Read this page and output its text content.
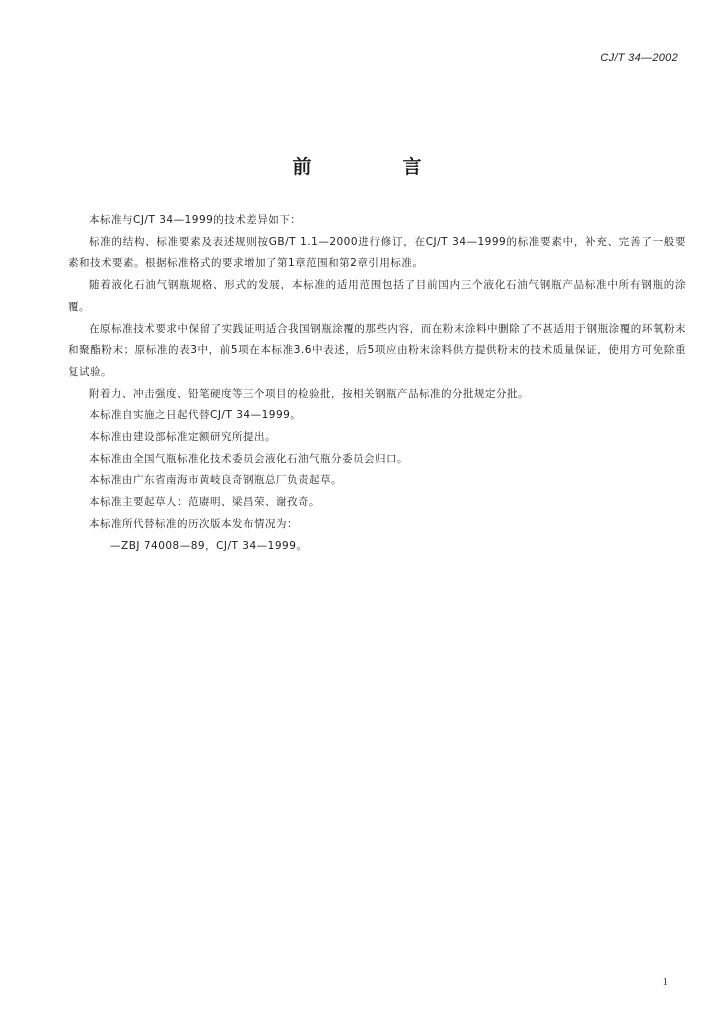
CJ/T 34—2002
前　言

本标准与CJ/T 34—1999的技术差异如下：

标准的结构、标准要素及表述规则按GB/T 1.1—2000进行修订，在CJ/T 34—1999的标准要素中，补充、完善了一般要素和技术要素。根据标准格式的要求增加了第1章范围和第2章引用标准。

随着液化石油气钢瓶规格、形式的发展，本标准的适用范围包括了目前国内三个液化石油气钢瓶产品标准中所有钢瓶的涂覆。

在原标准技术要求中保留了实践证明适合我国钢瓶涂覆的那些内容，而在粉末涂料中删除了不甚适用于钢瓶涂覆的环氧粉末和聚酯粉末；原标准的表3中，前5项在本标准3.6中表述，后5项应由粉末涂料供方提供粉末的技术质量保证，使用方可免除重复试验。

附着力、冲击强度、铅笔硬度等三个项目的检验批，按相关钢瓶产品标准的分批规定分批。

本标准自实施之日起代替CJ/T 34—1999。

本标准由建设部标准定额研究所提出。

本标准由全国气瓶标准化技术委员会液化石油气瓶分委员会归口。

本标准由广东省南海市黄岐良奇钢瓶总厂负责起草。

本标准主要起草人：范赓明、梁昌荣、谢孜奇。

本标准所代替标准的历次版本发布情况为：

—ZBJ 74008—89，CJ/T 34—1999。

1
